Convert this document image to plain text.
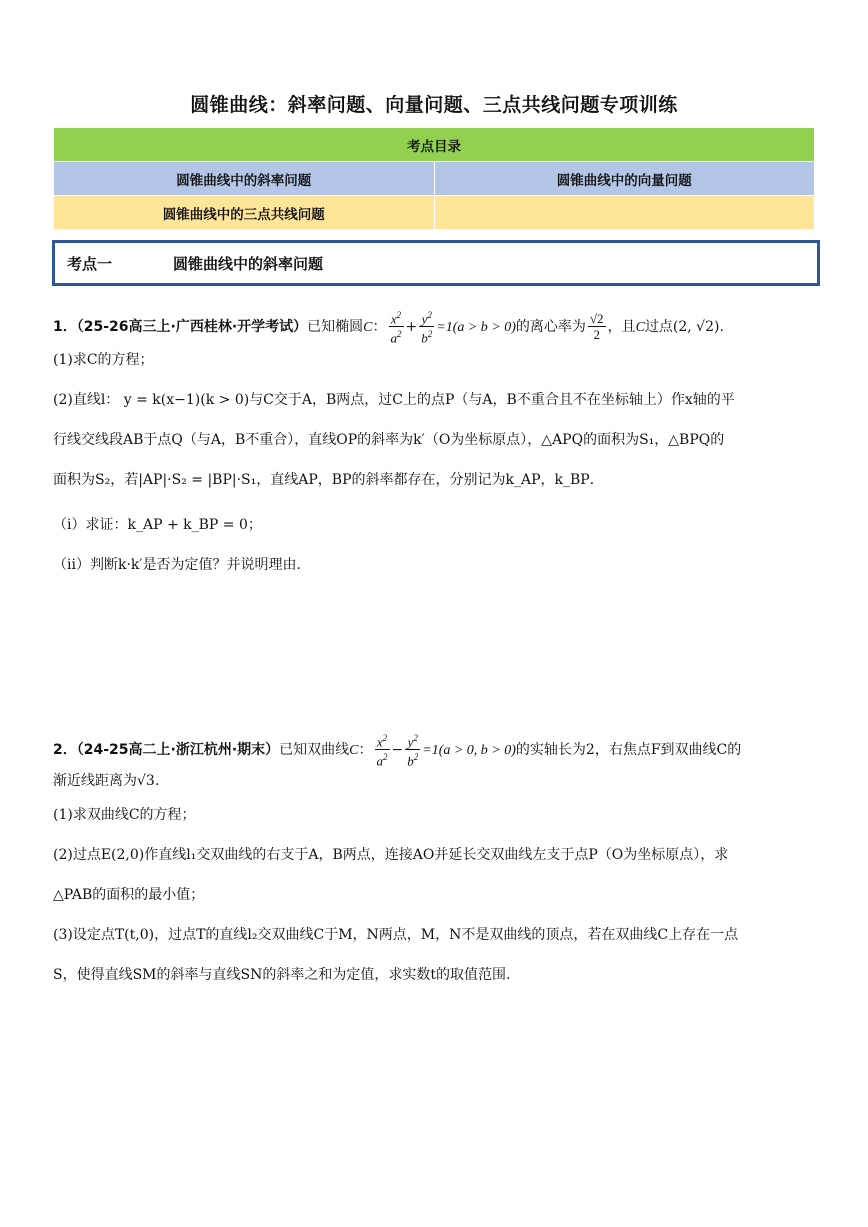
圆锥曲线：斜率问题、向量问题、三点共线问题专项训练
考点目录	
圆锥曲线中的斜率问题	圆锥曲线中的向量问题
圆锥曲线中的三点共线问题	
考点一	圆锥曲线中的斜率问题
1．（25-26高三上·广西桂林·开学考试）已知椭圆C： $\frac{x^2}{a^2} + \frac{y^2}{b^2} =1(a > b > 0)$的离心率为 $\frac{√2}{2}$ ，且C过点(2, √2).
(1)求C的方程；
(2)直线l： y = k(x−1)(k > 0)与C交于A，B两点，过C上的点P（与A，B不重合且不在坐标轴上）作x轴的平
行线交线段AB于点Q（与A，B不重合），直线OP的斜率为k′（O为坐标原点），△APQ的面积为S₁，△BPQ的
面积为S₂，若|AP|·S₂ = |BP|·S₁，直线AP，BP的斜率都存在，分别记为k_AP，k_BP．
（i）求证：k_AP + k_BP = 0；
（ii）判断k·k′是否为定值？并说明理由.
2．（24-25高二上·浙江杭州·期末）已知双曲线C： $\frac{x^2}{a^2} - \frac{y^2}{b^2} =1(a > 0$, b > 0)的实轴长为2，右焦点F到双曲线C的
渐近线距离为√3.
(1)求双曲线C的方程；
(2)过点E(2,0)作直线l₁交双曲线的右支于A，B两点，连接AO并延长交双曲线左支于点P（O为坐标原点），求
△PAB的面积的最小值；
(3)设定点T(t,0)，过点T的直线l₂交双曲线C于M，N两点，M，N不是双曲线的顶点，若在双曲线C上存在一点
S，使得直线SM的斜率与直线SN的斜率之和为定值，求实数t的取值范围.
